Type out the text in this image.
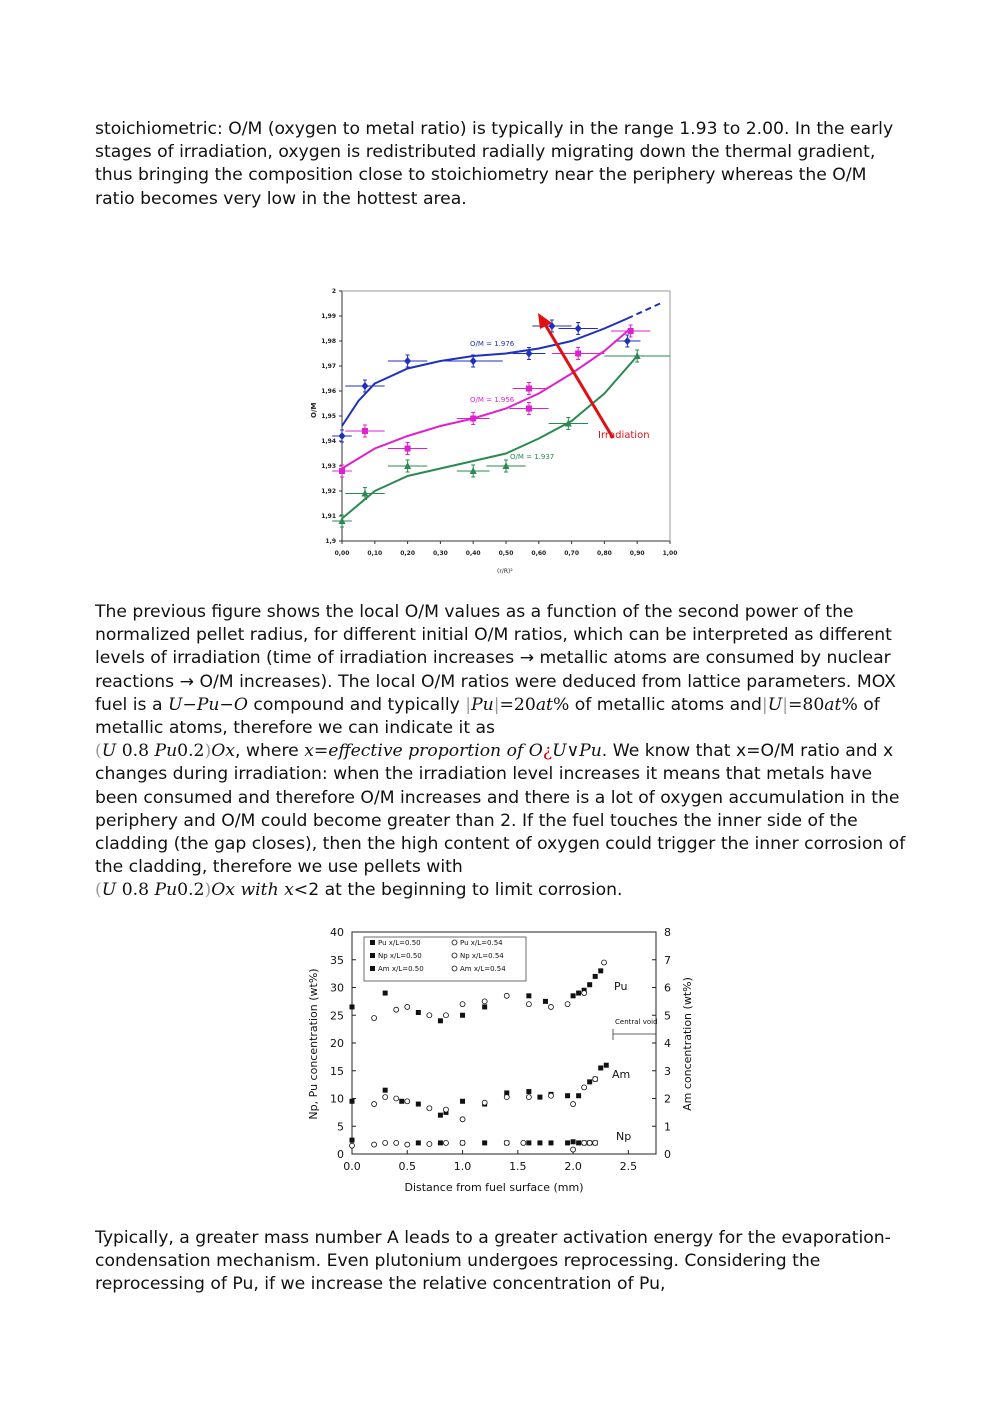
stoichiometric: O/M (oxygen to metal ratio) is typically in the range 1.93 to 2.00. In the early stages of irradiation, oxygen is redistributed radially migrating down the thermal gradient, thus bringing the composition close to stoichiometry near the periphery whereas the O/M ratio becomes very low in the hottest area.

0,00	0,10	0,20	0,30	0,40	0,50	0,60	0,70	0,80	0,90	1,00
1,9
1,91
1,92
1,93
1,94
1,95
1,96
1,97
1,98
1,99
2
Irradiation
O/M = 1.976
O/M = 1.956
O/M = 1.937
O/M
(r/R)²
The previous figure shows the local O/M values as a function of the second power of the normalized pellet radius, for different initial O/M ratios, which can be interpreted as different levels of irradiation (time of irradiation increases → metallic atoms are consumed by nuclear reactions → O/M increases). The local O/M ratios were deduced from lattice parameters. MOX fuel is a U−Pu−O compound and typically |Pu|=20at% of metallic atoms and|U|=80at% of metallic atoms, therefore we can indicate it as
(U 0.8 Pu0.2)Ox, where x=effective proportion of O¿U∨Pu. We know that x=O/M ratio and x changes during irradiation: when the irradiation level increases it means that metals have been consumed and therefore O/M increases and there is a lot of oxygen accumulation in the periphery and O/M could become greater than 2. If the fuel touches the inner side of the cladding (the gap closes), then the high content of oxygen could trigger the inner corrosion of the cladding, therefore we use pellets with
(U 0.8 Pu0.2)Ox with x<2 at the beginning to limit corrosion.
0.0	0.5	1.0	1.5	2.0	2.5
0
5
10
15
20
25
30
35
40
0
1
2
3
4
5
6
7
8
Pu x/L=0.50	Pu x/L=0.54
Np x/L=0.50	Np x/L=0.54
Am x/L=0.50	Am x/L=0.54
Pu
Am
Np
Central void
Np, Pu concentration (wt%)	Am concentration (wt%)
Distance from fuel surface (mm)

Typically, a greater mass number A leads to a greater activation energy for the evaporation-condensation mechanism. Even plutonium undergoes reprocessing. Considering the reprocessing of Pu, if we increase the relative concentration of Pu,
